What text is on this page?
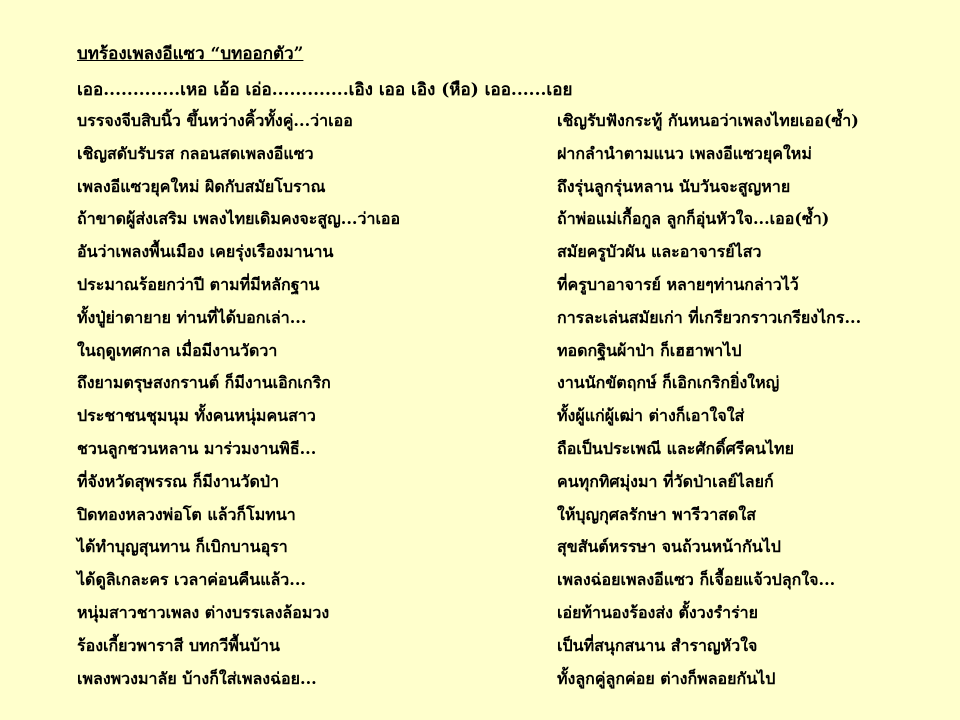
บทร้องเพลงอีแซว “บทออกตัว”
เออ.............เหอ เอ้อ เอ่อ.............เอิง เออ เอิง (หือ) เออ......เอย
บรรจงจีบสิบนิ้ว ขึ้นหว่างคิ้วทั้งคู่...ว่าเออ
เชิญสดับรับรส กลอนสดเพลงอีแซว
เพลงอีแซวยุคใหม่ ผิดกับสมัยโบราณ
ถ้าขาดผู้ส่งเสริม เพลงไทยเดิมคงจะสูญ...ว่าเออ
อันว่าเพลงพื้นเมือง เคยรุ่งเรืองมานาน
ประมาณร้อยกว่าปี ตามที่มีหลักฐาน
ทั้งปู่ย่าตายาย ท่านที่ได้บอกเล่า...
ในฤดูเทศกาล เมื่อมีงานวัดวา
ถึงยามตรุษสงกรานต์ ก็มีงานเอิกเกริก
ประชาชนชุมนุม ทั้งคนหนุ่มคนสาว
ชวนลูกชวนหลาน มาร่วมงานพิธี...
ที่จังหวัดสุพรรณ ก็มีงานวัดป่า
ปิดทองหลวงพ่อโต แล้วก็โมทนา
ได้ทำบุญสุนทาน ก็เบิกบานอุรา
ได้ดูลิเกละคร เวลาค่อนคืนแล้ว...
หนุ่มสาวชาวเพลง ต่างบรรเลงล้อมวง
ร้องเกี้ยวพาราสี บทกวีพื้นบ้าน
เพลงพวงมาลัย บ้างก็ใส่เพลงฉ่อย...
เชิญรับฟังกระทู้ กันหนอว่าเพลงไทยเออ(ซ้ำ)
ฝากลำนำตามแนว เพลงอีแซวยุคใหม่
ถึงรุ่นลูกรุ่นหลาน นับวันจะสูญหาย
ถ้าพ่อแม่เกื้อกูล ลูกก็อุ่นหัวใจ...เออ(ซ้ำ)
สมัยครูบัวผัน และอาจารย์ไสว
ที่ครูบาอาจารย์ หลายๆท่านกล่าวไว้
การละเล่นสมัยเก่า ที่เกรียวกราวเกรียงไกร...
ทอดกฐินผ้าป่า ก็เฮฮาพาไป
งานนักขัตฤกษ์ ก็เอิกเกริกยิ่งใหญ่
ทั้งผู้แก่ผู้เฒ่า ต่างก็เอาใจใส่
ถือเป็นประเพณี และศักดิ์ศรีคนไทย
คนทุกทิศมุ่งมา ที่วัดป่าเลย์ไลยก์
ให้บุญกุศลรักษา พารีวาสดใส
สุขสันต์หรรษา จนถ้วนหน้ากันไป
เพลงฉ่อยเพลงอีแซว ก็เจื้อยแจ้วปลุกใจ...
เอ่ยท้านองร้องส่ง ตั้งวงรำร่าย
เป็นที่สนุกสนาน สำราญหัวใจ
ทั้งลูกคู่ลูกค่อย ต่างก็พลอยกันไป
